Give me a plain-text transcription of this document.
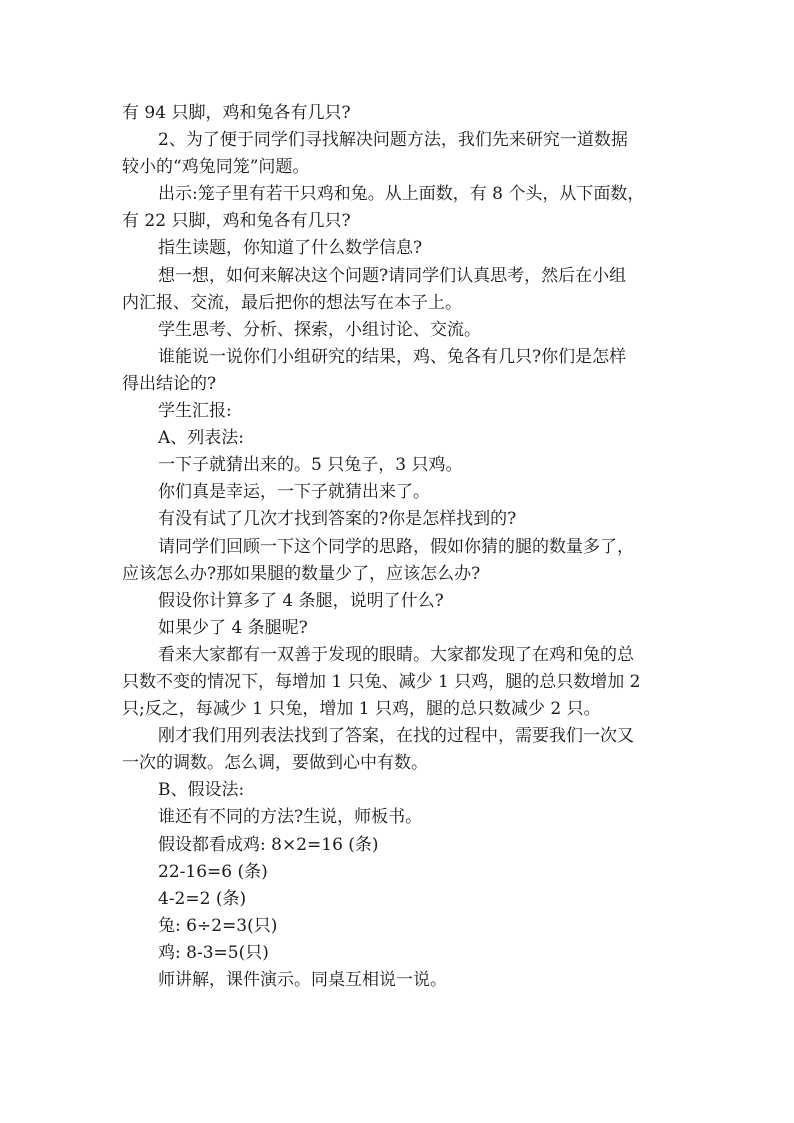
有 94 只脚，鸡和兔各有几只?

2、为了便于同学们寻找解决问题方法，我们先来研究一道数据

较小的“鸡兔同笼”问题。

出示:笼子里有若干只鸡和兔。从上面数，有 8 个头，从下面数，

有 22 只脚，鸡和兔各有几只?

指生读题，你知道了什么数学信息?

想一想，如何来解决这个问题?请同学们认真思考，然后在小组

内汇报、交流，最后把你的想法写在本子上。

学生思考、分析、探索，小组讨论、交流。

谁能说一说你们小组研究的结果，鸡、兔各有几只?你们是怎样

得出结论的?

学生汇报:

A、列表法:

一下子就猜出来的。5 只兔子，3 只鸡。

你们真是幸运，一下子就猜出来了。

有没有试了几次才找到答案的?你是怎样找到的?

请同学们回顾一下这个同学的思路，假如你猜的腿的数量多了，

应该怎么办?那如果腿的数量少了，应该怎么办?

假设你计算多了 4 条腿，说明了什么?

如果少了 4 条腿呢?

看来大家都有一双善于发现的眼睛。大家都发现了在鸡和兔的总

只数不变的情况下，每增加 1 只兔、减少 1 只鸡，腿的总只数增加 2

只;反之，每减少 1 只兔，增加 1 只鸡，腿的总只数减少 2 只。

刚才我们用列表法找到了答案，在找的过程中，需要我们一次又

一次的调数。怎么调，要做到心中有数。

B、假设法:

谁还有不同的方法?生说，师板书。

假设都看成鸡: 8×2=16 (条)

22-16=6 (条)

4-2=2 (条)

兔: 6÷2=3(只)

鸡: 8-3=5(只)

师讲解，课件演示。同桌互相说一说。
